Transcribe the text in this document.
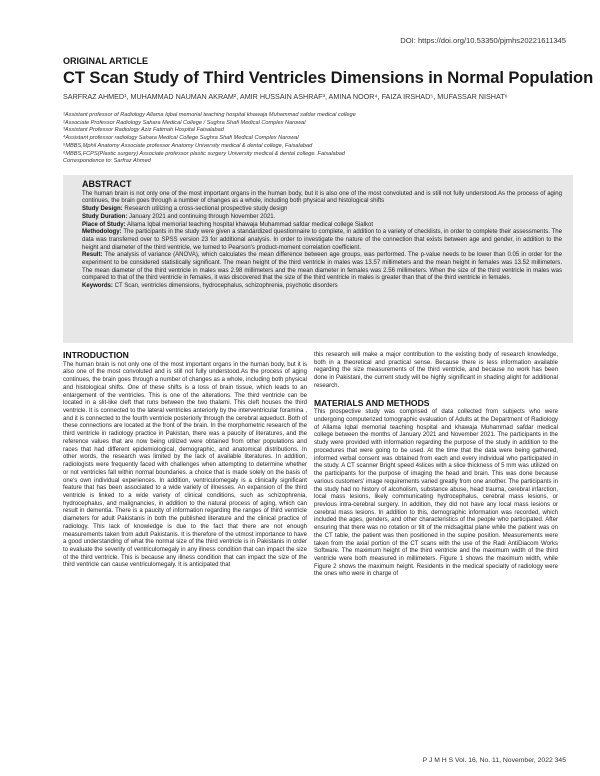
DOI: https://doi.org/10.53350/pjmhs20221611345
ORIGINAL ARTICLE
CT Scan Study of Third Ventricles Dimensions in Normal Population
SARFRAZ AHMED¹, MUHAMMAD NAUMAN AKRAM², AMIR HUSSAIN ASHRAF³, AMINA NOOR⁴, FAIZA IRSHAD⁵, MUFASSAR NISHAT⁶
¹Assistant professor of Radiology Allama Iqbal memorial teaching hospital khawaja Muhammad safdar medical college
²Associate Professor Radiology Sahara Medical College / Sughra Shafi Medical Complex Narowal
³Assistant Professor Radiology Aziz Fatimah Hospital Faisalabad
⁴Assistant professor radiology Sahara Medical College Sughra Shafi Medical Complex Narowal
⁵MBBS,Mphil Anatomy Associate professor Anatomy University medical & dental college, Faisalabad
⁶MBBS,FCPS(Plastic surgery) Associate professor plastic surgery University medical & dental college. Faisalabad
Correspondence to: Sarfraz Ahmed
ABSTRACT

The human brain is not only one of the most important organs in the human body, but it is also one of the most convoluted and is still not fully understood.As the process of aging continues, the brain goes through a number of changes as a whole, including both physical and histological shifts

Study Design: Research utilizing a cross-sectional prospective study design

Study Duration: January 2021 and continuing through November 2021.

Place of Study: Allama Iqbal memorial teaching hospital khawaja Muhammad safdar medical college Sialkot

Methodology: The participants in the study were given a standardized questionnaire to complete, in addition to a variety of checklists, in order to complete their assessments. The data was transferred over to SPSS version 23 for additional analysis. In order to investigate the nature of the connection that exists between age and gender, in addition to the height and diameter of the third ventricle, we turned to Pearson's product-moment correlation coefficient.

Result: The analysis of variance (ANOVA), which calculates the mean difference between age groups, was performed. The p-value needs to be lower than 0.05 in order for the experiment to be considered statistically significant. The mean height of the third ventricle in males was 13.57 millimeters and the mean height in females was 13.52 millimeters. The mean diameter of the third ventricle in males was 2.98 millimeters and the mean diameter in females was 2.56 millimeters. When the size of the third ventricle in males was compared to that of the third ventricle in females, it was discovered that the size of the third ventricle in males is greater than that of the third ventricle in females.

Keywords: CT Scan, ventricles dimensions, hydrocephalus, schizophrenia, psychotic disorders

INTRODUCTION

The human brain is not only one of the most important organs in the human body, but it is also one of the most convoluted and is still not fully understood.As the process of aging continues, the brain goes through a number of changes as a whole, including both physical and histological shifts. One of these shifts is a loss of brain tissue, which leads to an enlargement of the ventricles. This is one of the alterations. The third ventricle can be located in a slit-like cleft that runs between the two thalami. This cleft houses the third ventricle. It is connected to the lateral ventricles anteriorly by the interventricular foramina , and it is connected to the fourth ventricle posteriorly through the cerebral aqueduct. Both of these connections are located at the front of the brain. In the morphometric research of the third ventricle in radiology practice in Pakistan, there was a paucity of literatures, and the reference values that are now being utilized were obtained from other populations and races that had different epidemiological, demographic, and anatomical distributions. In other words, the research was limited by the lack of available literatures. In addition, radiologists were frequently faced with challenges when attempting to determine whether or not ventricles fall within normal boundaries. a choice that is made solely on the basis of one's own individual experiences. In addition, ventriculomegaly is a clinically significant feature that has been associated to a wide variety of illnesses. An expansion of the third ventricle is linked to a wide variety of clinical conditions, such as schizophrenia, hydrocephalus, and malignancies, in addition to the natural process of aging, which can result in dementia. There is a paucity of information regarding the ranges of third ventricle diameters for adult Pakistanis in both the published literature and the clinical practice of radiology. This lack of knowledge is due to the fact that there are not enough measurements taken from adult Pakistanis. It is therefore of the utmost importance to have a good understanding of what the normal size of the third ventricle is in Pakistanis in order to evaluate the severity of ventriculomegaly in any illness condition that can impact the size of the third ventricle. This is because any illness condition that can impact the size of the third ventricle can cause ventriculomegaly. It is anticipated that

this research will make a major contribution to the existing body of research knowledge, both in a theoretical and practical sense. Because there is less information available regarding the size measurements of the third ventricle, and because no work has been done in Pakistani, the current study will be highly significant in shading alight for additional research.

MATERIALS AND METHODS

This prospective study was comprised of data collected from subjects who were undergoing computerized tomographic evaluation of Adults at the Department of Radiology of Allama Iqbal memorial teaching hospital and khawaja Muhammad safdar medical college between the months of January 2021 and November 2021. The participants in the study were provided with information regarding the purpose of the study in addition to the procedures that were going to be used. At the time that the data were being gathered, informed verbal consent was obtained from each and every individual who participated in the study. A CT scanner Bright speed 4slices with a slice thickness of 5 mm was utilized on the participants for the purpose of imaging the head and brain. This was done because various customers' image requirements varied greatly from one another. The participants in the study had no history of alcoholism, substance abuse, head trauma, cerebral infarction, local mass lesions, likely communicating hydrocephalus, cerebral mass lesions, or previous intra-cerebral surgery. In addition, they did not have any local mass lesions or cerebral mass lesions. In addition to this, demographic information was recorded, which included the ages, genders, and other characteristics of the people who participated. After ensuring that there was no rotation or tilt of the midsagittal plane while the patient was on the CT table, the patient was then positioned in the supine position. Measurements were taken from the axial portion of the CT scans with the use of the Radi AntiDiacom Works Software. The maximum height of the third ventricle and the maximum width of the third ventricle were both measured in millimeters. Figure 1 shows the maximum width, while Figure 2 shows the maximum height. Residents in the medical specialty of radiology were the ones who were in charge of

P J M H S Vol. 16, No. 11, November, 2022 345
